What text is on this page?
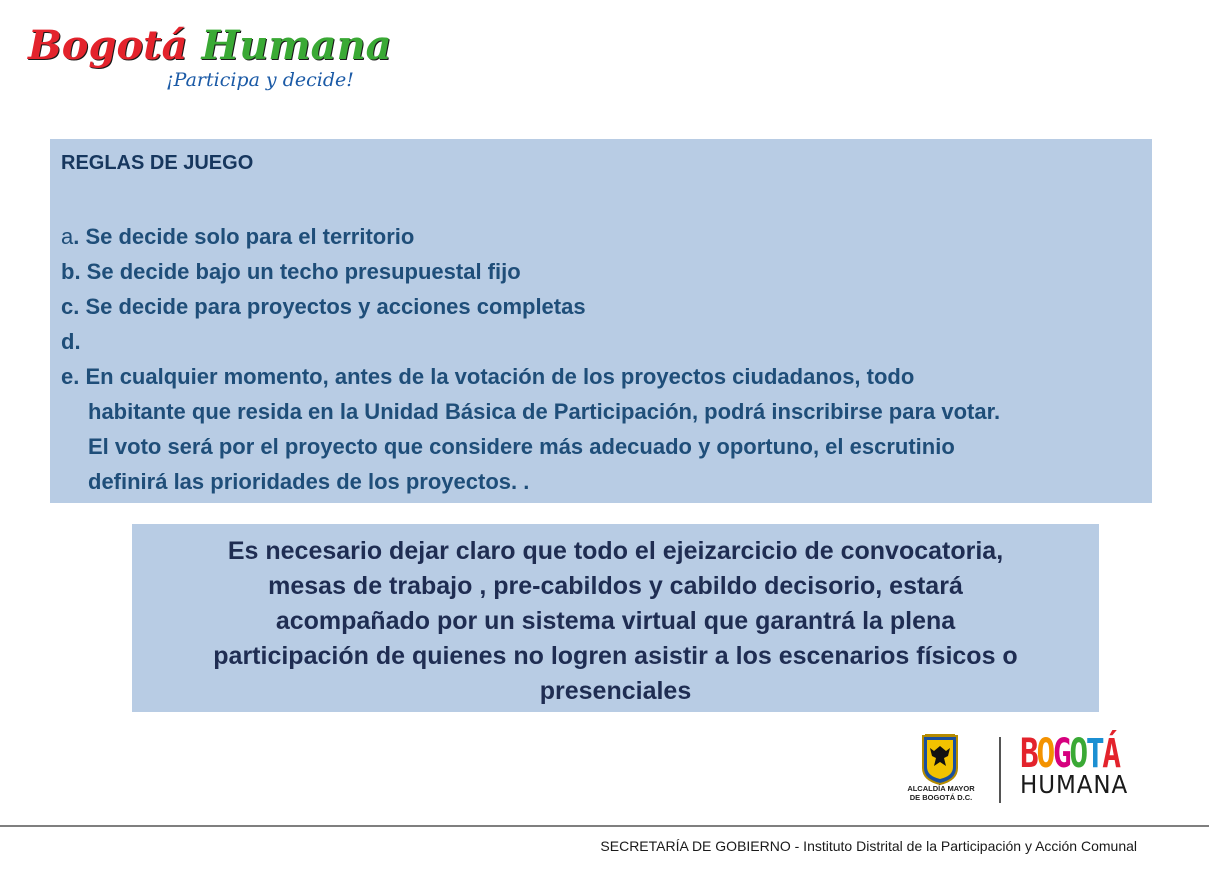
Bogotá Humana
¡Participa y decide!

REGLAS DE JUEGO

a. Se decide solo para el territorio

b. Se decide bajo un techo presupuestal fijo

c. Se decide para proyectos y acciones completas

d.

e. En cualquier momento, antes de la votación de los proyectos ciudadanos, todo

habitante que resida en la Unidad Básica de Participación, podrá inscribirse para votar.

El voto será por el proyecto que considere más adecuado y oportuno, el escrutinio

definirá las prioridades de los proyectos. .

Es necesario dejar claro que todo el ejeizarcicio de convocatoria,

mesas de trabajo , pre-cabildos y cabildo decisorio, estará

acompañado por un sistema virtual que garantrá la plena

participación de quienes no logren asistir a los escenarios físicos o

presenciales

ALCALDÍA MAYOR
DE BOGOTÁ D.C.
BOGOTÁ
HUMANA
SECRETARÍA DE GOBIERNO - Instituto Distrital de la Participación y Acción Comunal
